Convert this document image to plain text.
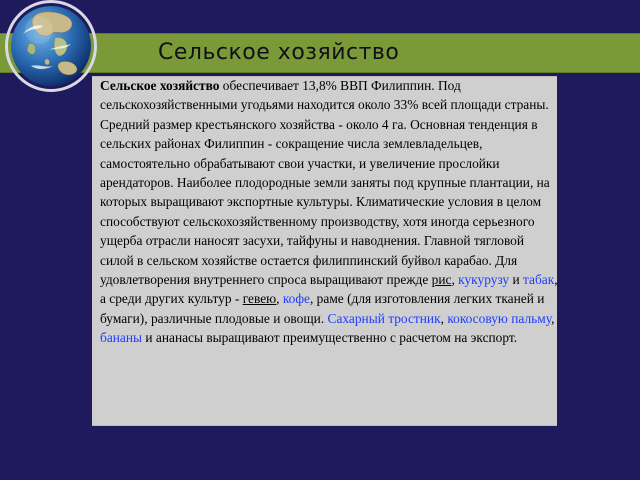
Сельское хозяйство

Сельское хозяйство обеспечивает 13,8% ВВП Филиппин. Под сельскохозяйственными угодьями находится около 33% всей площади страны. Средний размер крестьянского хозяйства - около 4 га. Основная тенденция в сельских районах Филиппин - сокращение числа землевладельцев, самостоятельно обрабатывают свои участки, и увеличение прослойки арендаторов. Наиболее плодородные земли заняты под крупные плантации, на которых выращивают экспортные культуры. Климатические условия в целом способствуют сельскохозяйственному производству, хотя иногда серьезного ущерба отрасли наносят засухи, тайфуны и наводнения. Главной тягловой силой в сельском хозяйстве остается филиппинский буйвол карабао. Для удовлетворения внутреннего спроса выращивают прежде рис, кукурузу и табак, а среди других культур - гевею, кофе, раме (для изготовления легких тканей и бумаги), различные плодовые и овощи. Сахарный тростник, кокосовую пальму, бананы и ананасы выращивают преимущественно с расчетом на экспорт.
